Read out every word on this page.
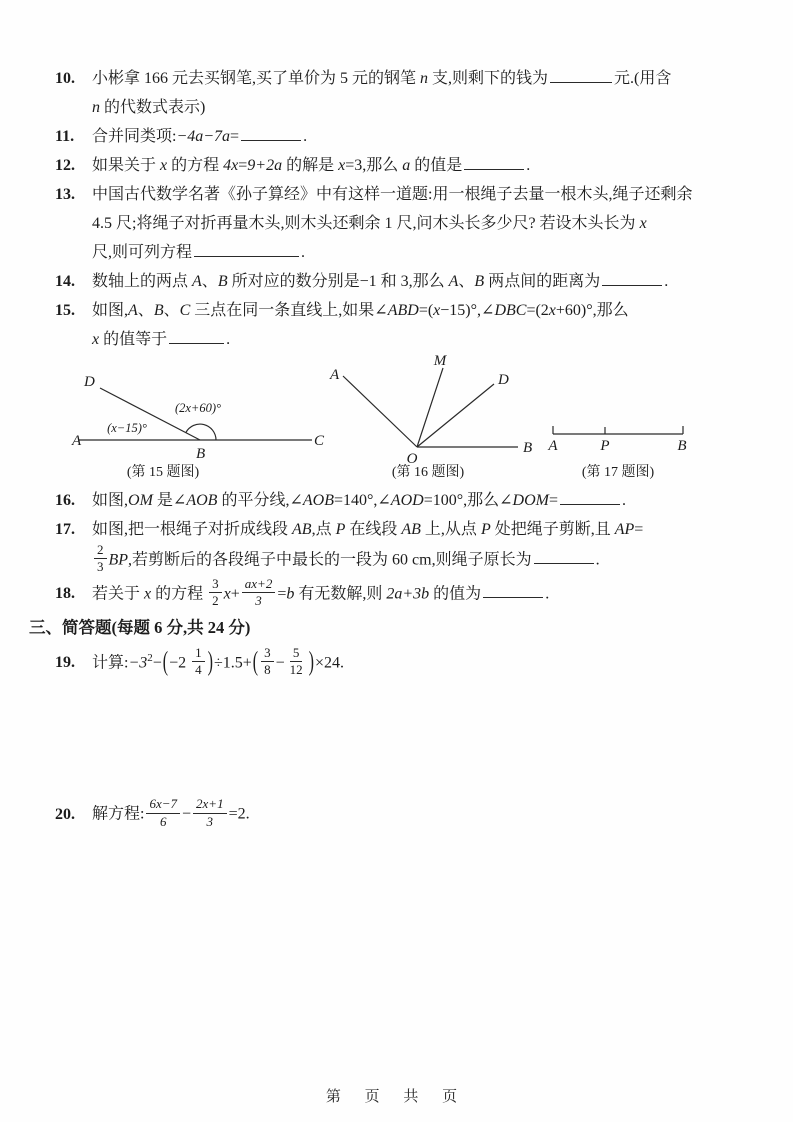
10. 小彬拿 166 元去买钢笔,买了单价为 5 元的钢笔 n 支,则剩下的钱为	元.(用含
n 的代数式表示)
11. 合并同类项:−4a−7a=	.
12. 如果关于 x 的方程 4x=9+2a 的解是 x=3,那么 a 的值是	.
13. 中国古代数学名著《孙子算经》中有这样一道题:用一根绳子去量一根木头,绳子还剩余
4.5 尺;将绳子对折再量木头,则木头还剩余 1 尺,问木头长多少尺? 若设木头长为 x
尺,则可列方程	.
14. 数轴上的两点 A、B 所对应的数分别是−1 和 3,那么 A、B 两点间的距离为	.
15. 如图,A、B、C 三点在同一条直线上,如果∠ABD=(x−15)°,∠DBC=(2x+60)°,那么
x 的值等于	.
A	C
B
D
(x−15)°
(2x+60)°
(第 15 题图)
A
M
D
O
B
(第 16 题图)
A	P	B
(第 17 题图)
16. 如图,OM 是∠AOB 的平分线,∠AOB=140°,∠AOD=100°,那么∠DOM=	.
17. 如图,把一根绳子对折成线段 AB,点 P 在线段 AB 上,从点 P 处把绳子剪断,且 AP=
$\frac{2}{3}$ BP,若剪断后的各段绳子中最长的一段为 60 cm,则绳子原长为	.
18. 若关于 x 的方程 $\frac{3}{2} x+ \frac{ax+2}{3} =b$ 有无数解,则 2a+3b 的值为	.
三、简答题(每题 6 分,共 24 分)
19. 计算$:-3^2-(-2 \frac{1}{4} )\div 1.5+( \frac{3}{8} - \frac{5}{12} )\times 24$.
20. 解方程: $\frac{6x-7}{6} - \frac{2x+1}{3} =2$.
第 页 共 页
